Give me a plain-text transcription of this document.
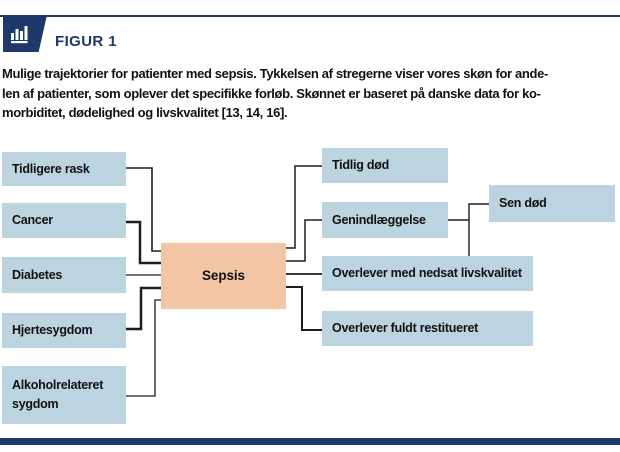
FIGUR 1
Mulige trajektorier for patienter med sepsis. Tykkelsen af stregerne viser vores skøn for ande-
len af patienter, som oplever det specifikke forløb. Skønnet er baseret på danske data for ko-
morbiditet, dødelighed og livskvalitet [13, 14, 16].
Tidligere rask
Cancer
Diabetes
Hjertesygdom
Alkoholrelateret sygdom
Sepsis
Tidlig død
Genindlæggelse
Sen død
Overlever med nedsat livskvalitet
Overlever fuldt restitueret
